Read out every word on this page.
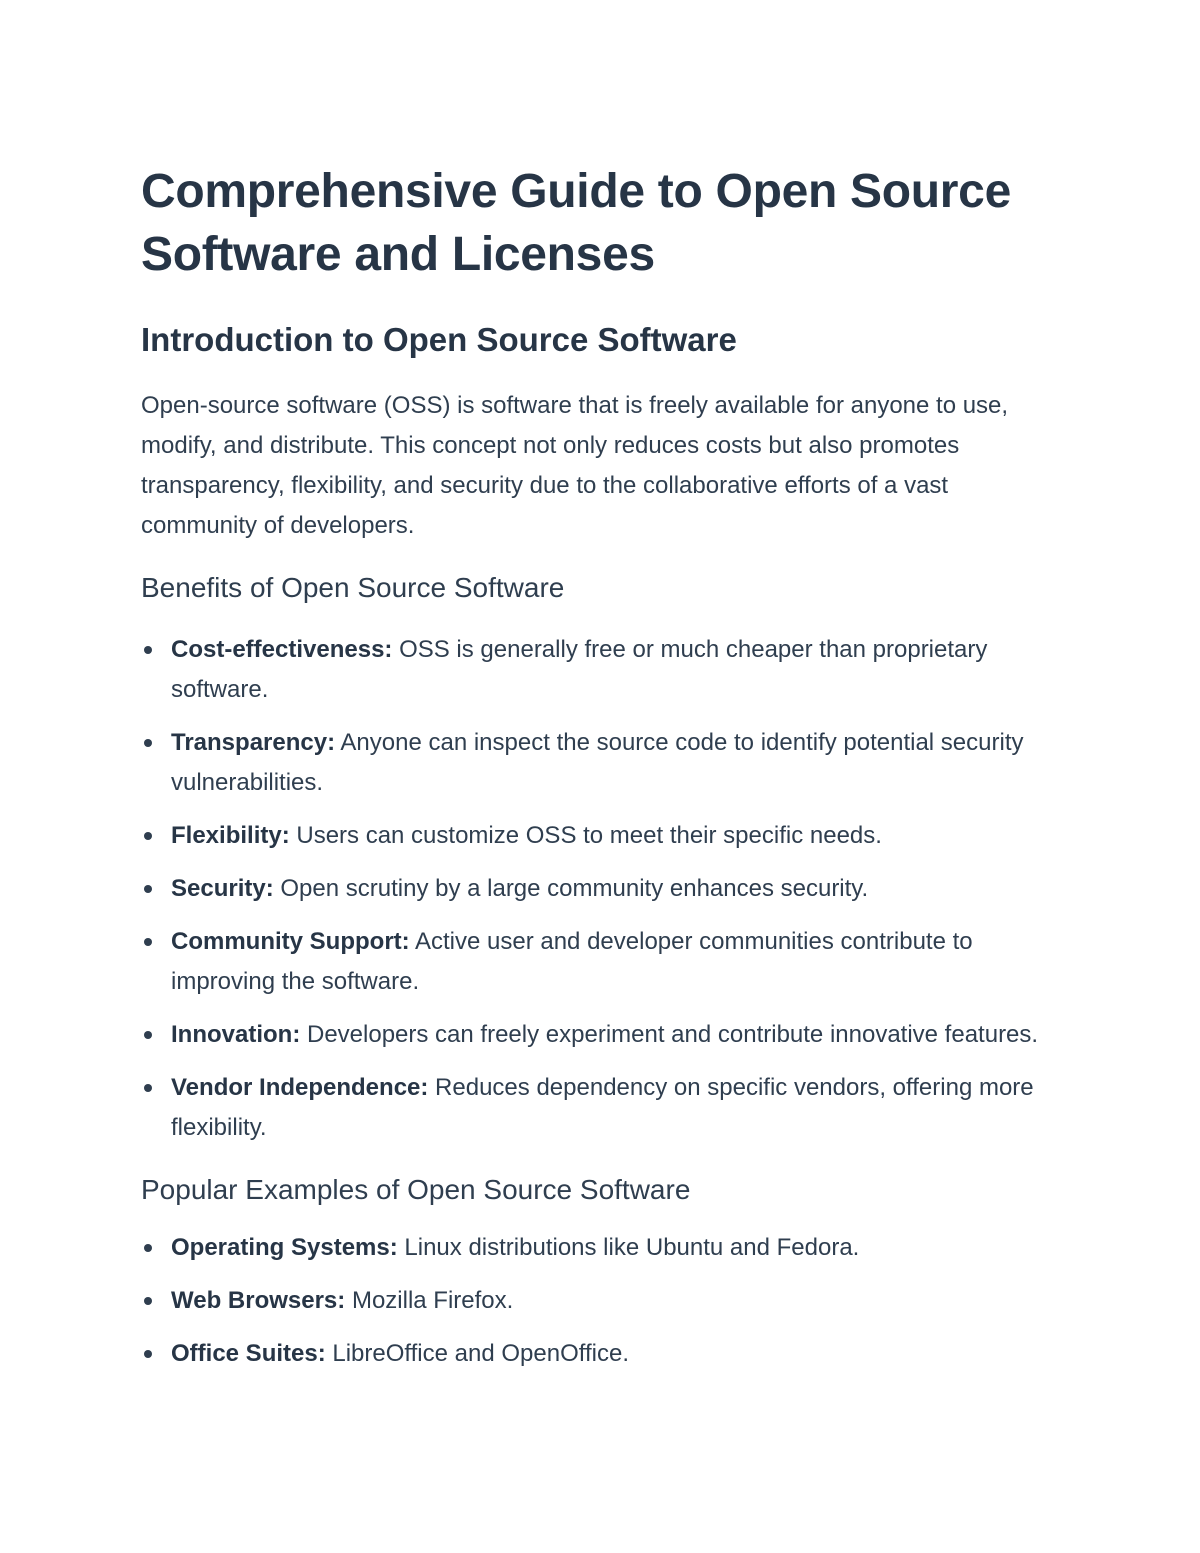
Comprehensive Guide to Open Source Software and Licenses
Introduction to Open Source Software

Open-source software (OSS) is software that is freely available for anyone to use, modify, and distribute. This concept not only reduces costs but also promotes transparency, flexibility, and security due to the collaborative efforts of a vast community of developers.

Benefits of Open Source Software
Cost-effectiveness: OSS is generally free or much cheaper than proprietary software.
Transparency: Anyone can inspect the source code to identify potential security vulnerabilities.
Flexibility: Users can customize OSS to meet their specific needs.
Security: Open scrutiny by a large community enhances security.
Community Support: Active user and developer communities contribute to improving the software.
Innovation: Developers can freely experiment and contribute innovative features.
Vendor Independence: Reduces dependency on specific vendors, offering more flexibility.
Popular Examples of Open Source Software
Operating Systems: Linux distributions like Ubuntu and Fedora.
Web Browsers: Mozilla Firefox.
Office Suites: LibreOffice and OpenOffice.
